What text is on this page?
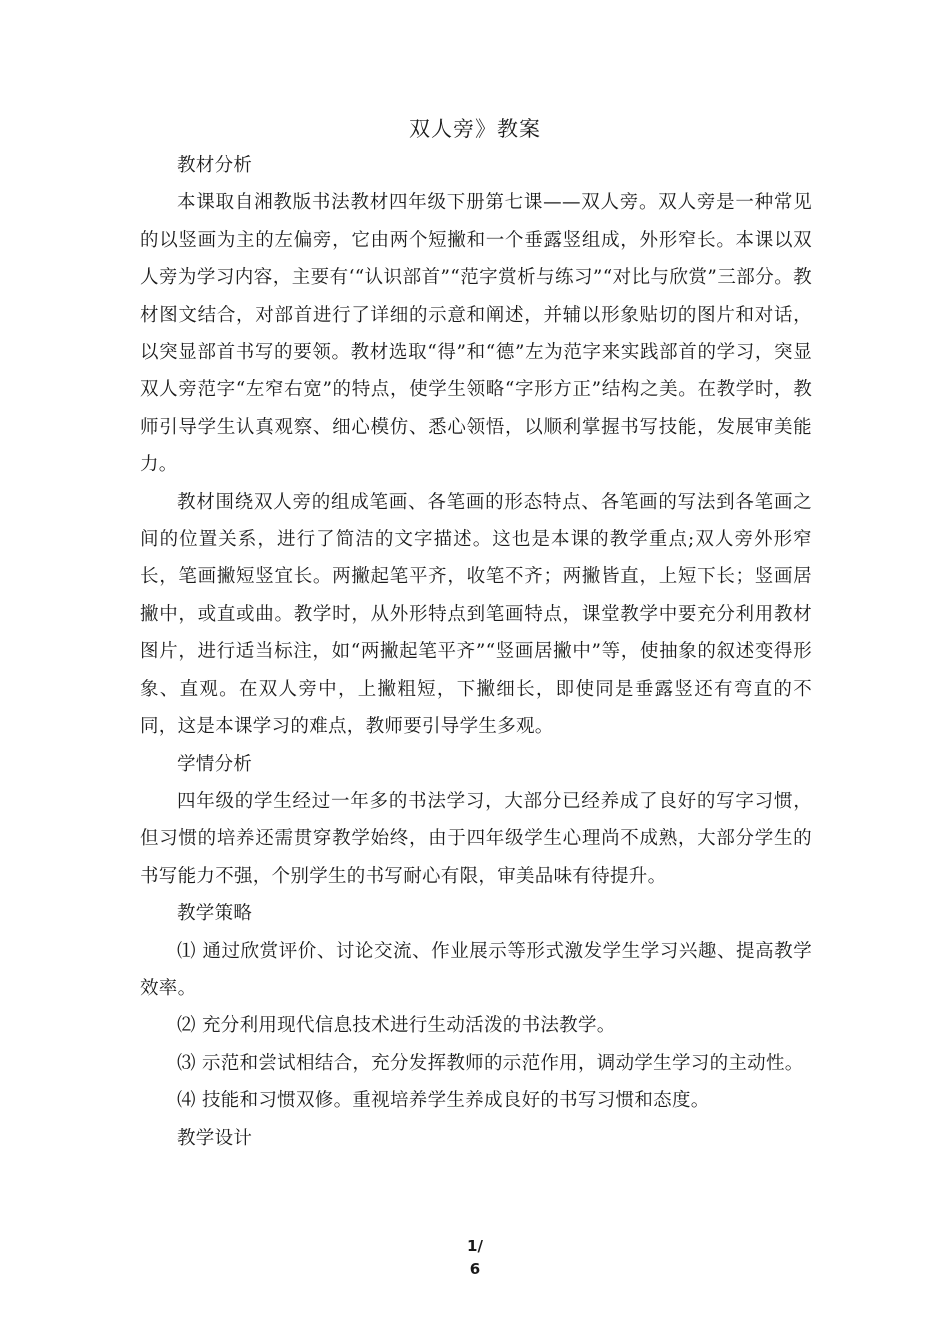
双人旁》教案

教材分析

本课取自湘教版书法教材四年级下册第七课——双人旁。双人旁是一种常见的以竖画为主的左偏旁，它由两个短撇和一个垂露竖组成，外形窄长。本课以双人旁为学习内容，主要有‘“认识部首”“范字赏析与练习”“对比与欣赏”三部分。教材图文结合，对部首进行了详细的示意和阐述，并辅以形象贴切的图片和对话，以突显部首书写的要领。教材选取“得”和“德”左为范字来实践部首的学习，突显双人旁范字“左窄右宽”的特点，使学生领略“字形方正”结构之美。在教学时，教师引导学生认真观察、细心模仿、悉心领悟，以顺利掌握书写技能，发展审美能力。

教材围绕双人旁的组成笔画、各笔画的形态特点、各笔画的写法到各笔画之间的位置关系，进行了简洁的文字描述。这也是本课的教学重点;双人旁外形窄长，笔画撇短竖宜长。两撇起笔平齐，收笔不齐；两撇皆直，上短下长；竖画居撇中，或直或曲。教学时，从外形特点到笔画特点，课堂教学中要充分利用教材图片，进行适当标注，如“两撇起笔平齐”“竖画居撇中”等，使抽象的叙述变得形象、直观。在双人旁中，上撇粗短，下撇细长，即使同是垂露竖还有弯直的不同，这是本课学习的难点，教师要引导学生多观。

学情分析

四年级的学生经过一年多的书法学习，大部分已经养成了良好的写字习惯，但习惯的培养还需贯穿教学始终，由于四年级学生心理尚不成熟，大部分学生的书写能力不强，个别学生的书写耐心有限，审美品味有待提升。

教学策略

⑴ 通过欣赏评价、讨论交流、作业展示等形式激发学生学习兴趣、提高教学效率。

⑵ 充分利用现代信息技术进行生动活泼的书法教学。

⑶ 示范和尝试相结合，充分发挥教师的示范作用，调动学生学习的主动性。

⑷ 技能和习惯双修。重视培养学生养成良好的书写习惯和态度。

教学设计

1/
6
